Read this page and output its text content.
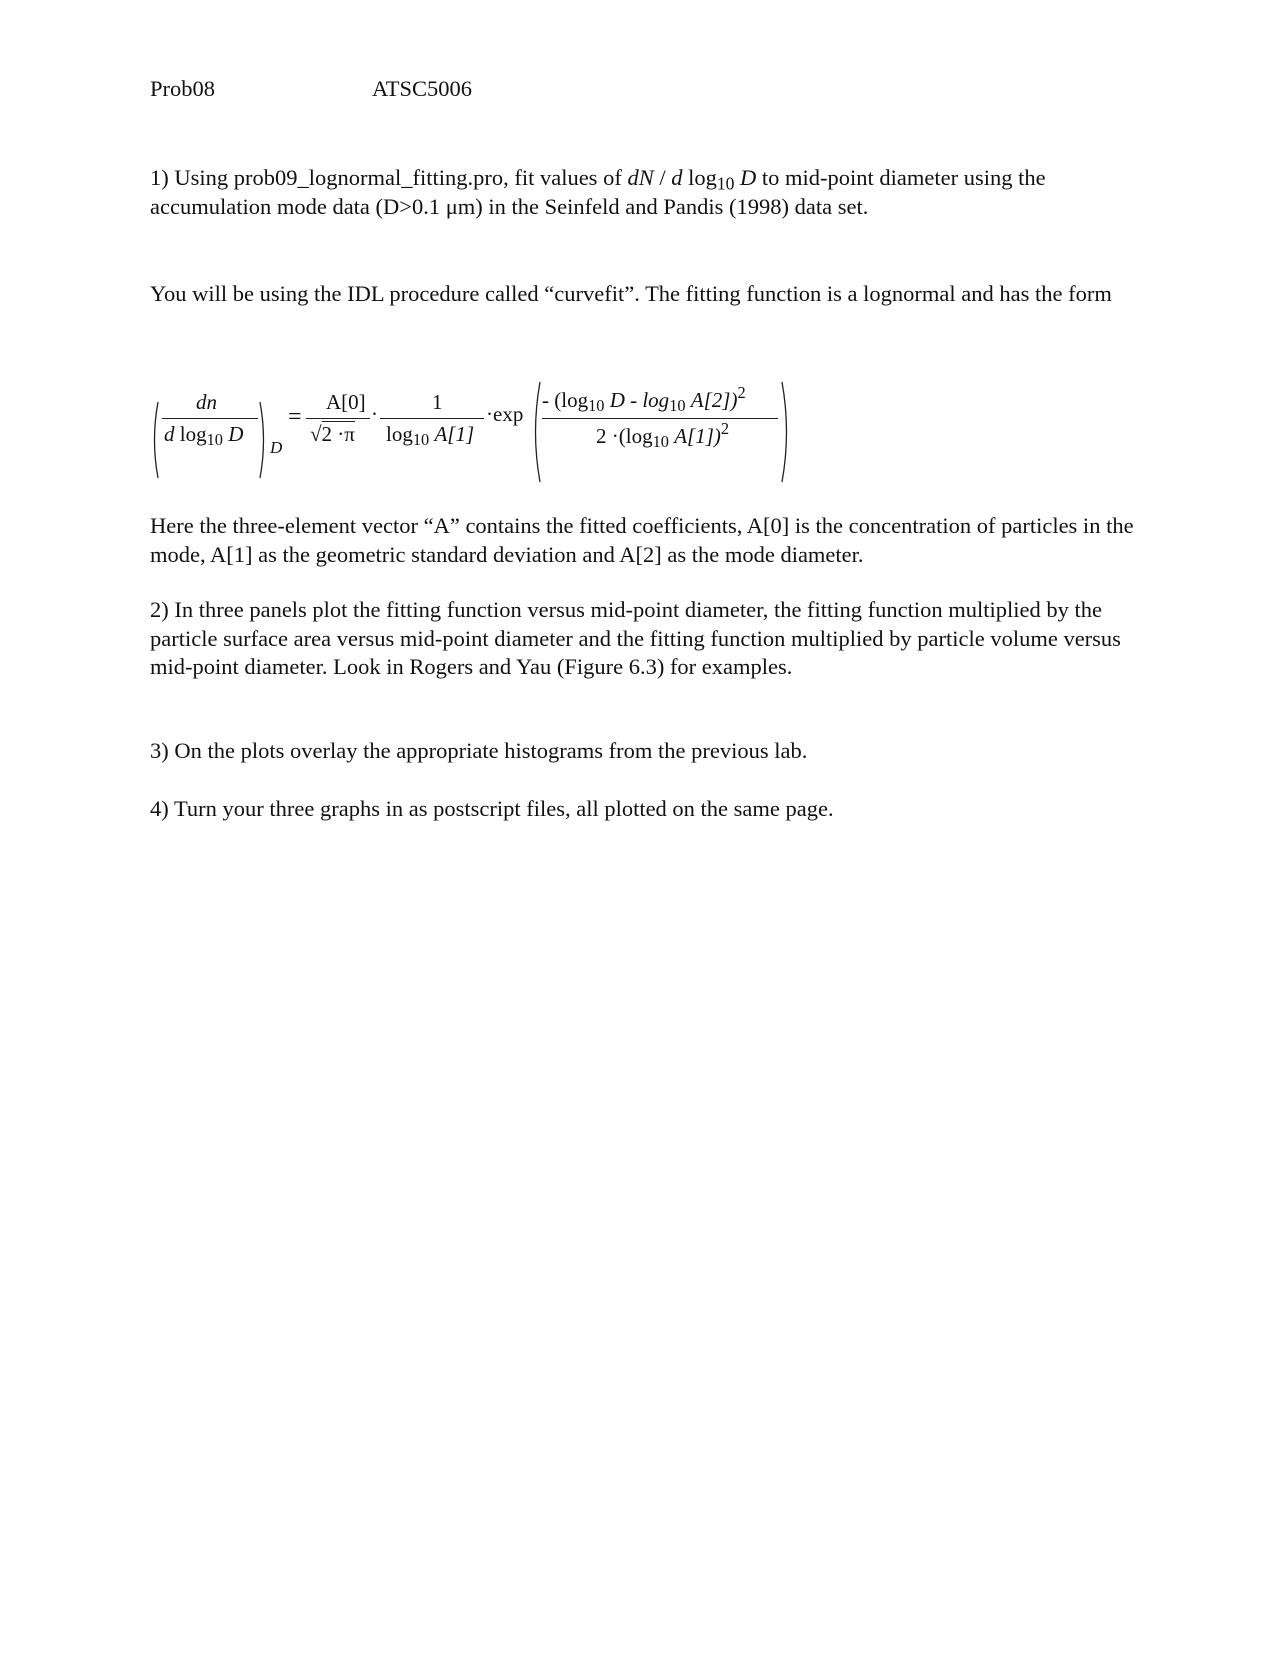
Prob08	ATSC5006
1) Using prob09_lognormal_fitting.pro, fit values of dN / d $\log_{10} D$ to mid-point diameter using the accumulation mode data (D>0.1 μm) in the Seinfeld and Pandis (1998) data set.
You will be using the IDL procedure called “curvefit”. The fitting function is a lognormal and has the form
dn
d $\log_{10} D$
D
=
A[0]
√2 ·π
·	1
$\log_{10} A[1]$
·exp
- ($\log_{10}$ D - $\log_{10} A[2])^2$
$2 \cdot(\log_{10}$ A[1])$^2$
Here the three-element vector “A” contains the fitted coefficients, A[0] is the concentration of particles in the mode, A[1] as the geometric standard deviation and A[2] as the mode diameter.
2) In three panels plot the fitting function versus mid-point diameter, the fitting function multiplied by the particle surface area versus mid-point diameter and the fitting function multiplied by particle volume versus mid-point diameter. Look in Rogers and Yau (Figure 6.3) for examples.
3) On the plots overlay the appropriate histograms from the previous lab.
4) Turn your three graphs in as postscript files, all plotted on the same page.
